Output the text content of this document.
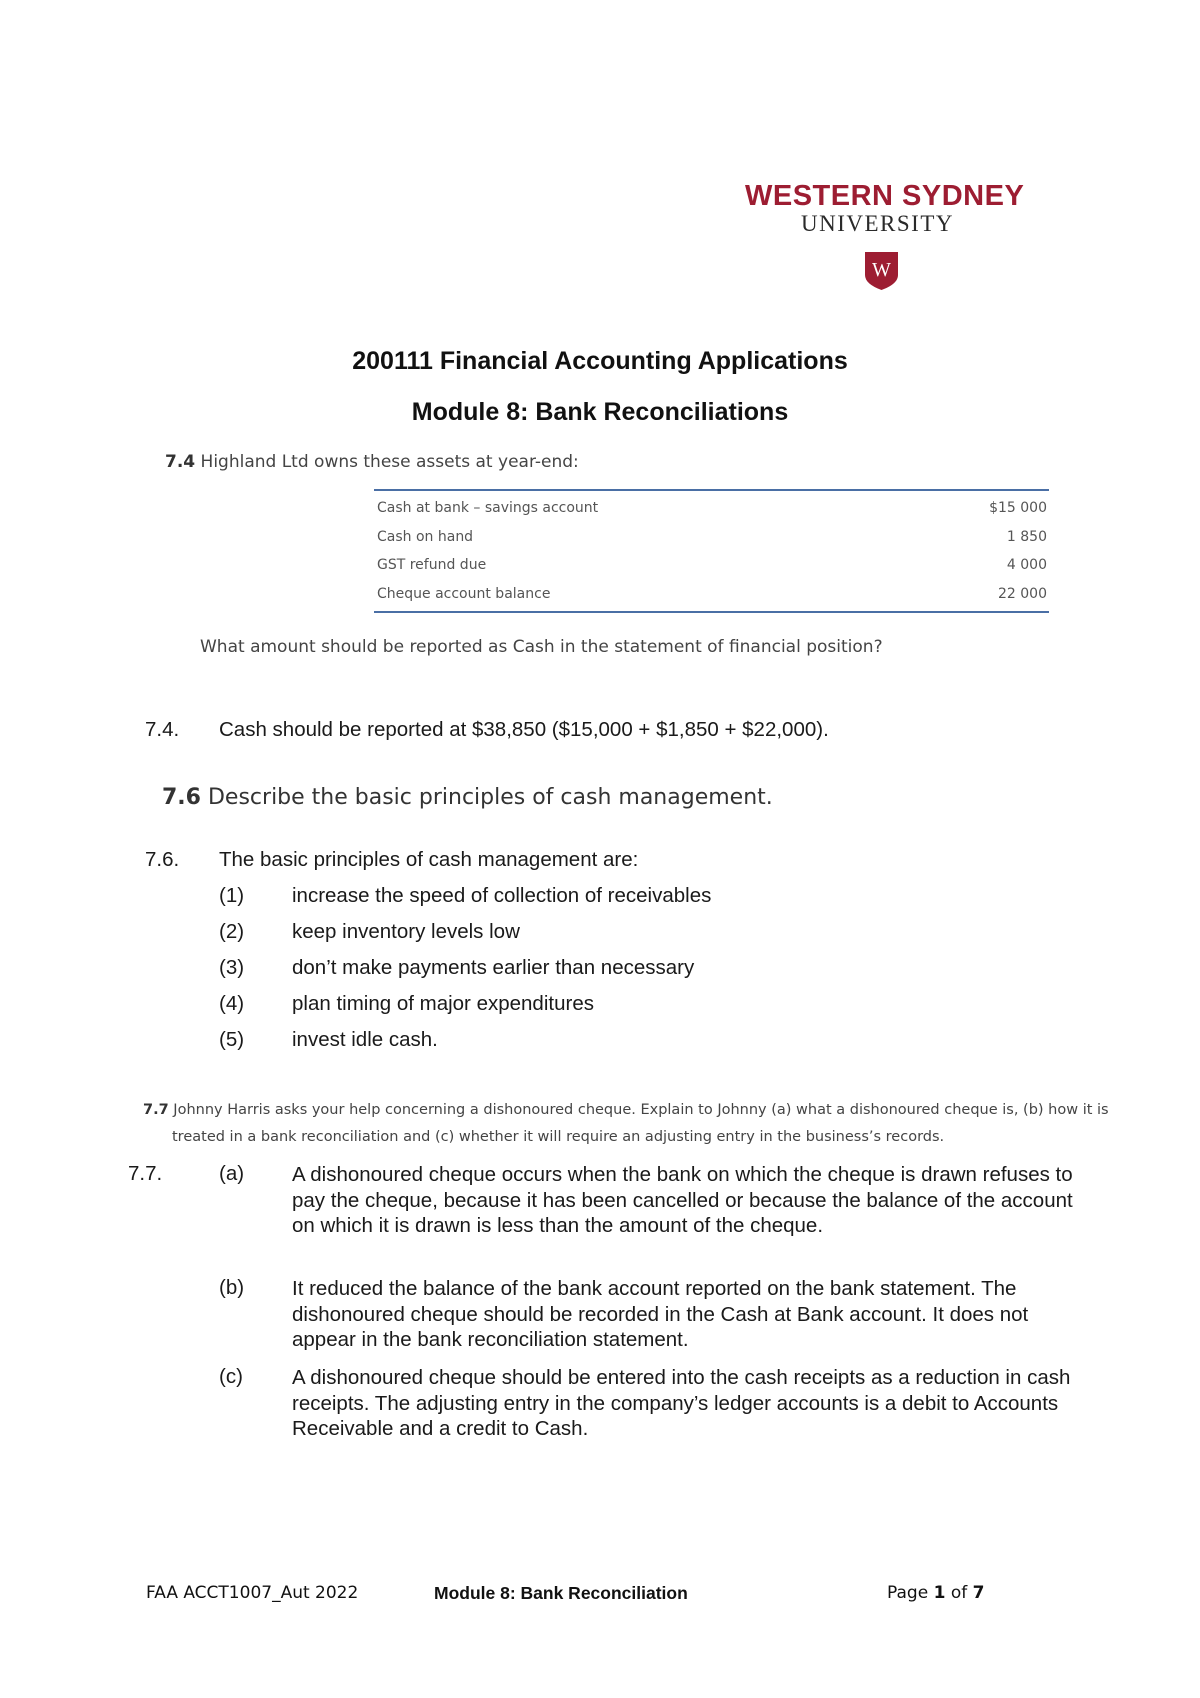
WESTERN SYDNEY
UNIVERSITY
W
200111 Financial Accounting Applications
Module 8: Bank Reconciliations
7.4 Highland Ltd owns these assets at year-end:
Cash at bank – savings account	$15 000
Cash on hand	1 850
GST refund due	4 000
Cheque account balance	22 000
What amount should be reported as Cash in the statement of financial position?
7.4. Cash should be reported at $38,850 ($15,000 + $1,850 + $22,000).
7.6 Describe the basic principles of cash management.
7.6. The basic principles of cash management are:
(1) increase the speed of collection of receivables
(2) keep inventory levels low
(3) don’t make payments earlier than necessary
(4) plan timing of major expenditures
(5) invest idle cash.
7.7 Johnny Harris asks your help concerning a dishonoured cheque. Explain to Johnny (a) what a dishonoured cheque is, (b) how it is
treated in a bank reconciliation and (c) whether it will require an adjusting entry in the business’s records.
7.7.	(a) A dishonoured cheque occurs when the bank on which the cheque is drawn refuses to pay the cheque, because it has been cancelled or because the balance of the account on which it is drawn is less than the amount of the cheque.
(b) It reduced the balance of the bank account reported on the bank statement. The dishonoured cheque should be recorded in the Cash at Bank account. It does not appear in the bank reconciliation statement.
(c) A dishonoured cheque should be entered into the cash receipts as a reduction in cash receipts. The adjusting entry in the company’s ledger accounts is a debit to Accounts Receivable and a credit to Cash.
FAA ACCT1007_Aut 2022	Module 8: Bank Reconciliation	Page 1 of 7
